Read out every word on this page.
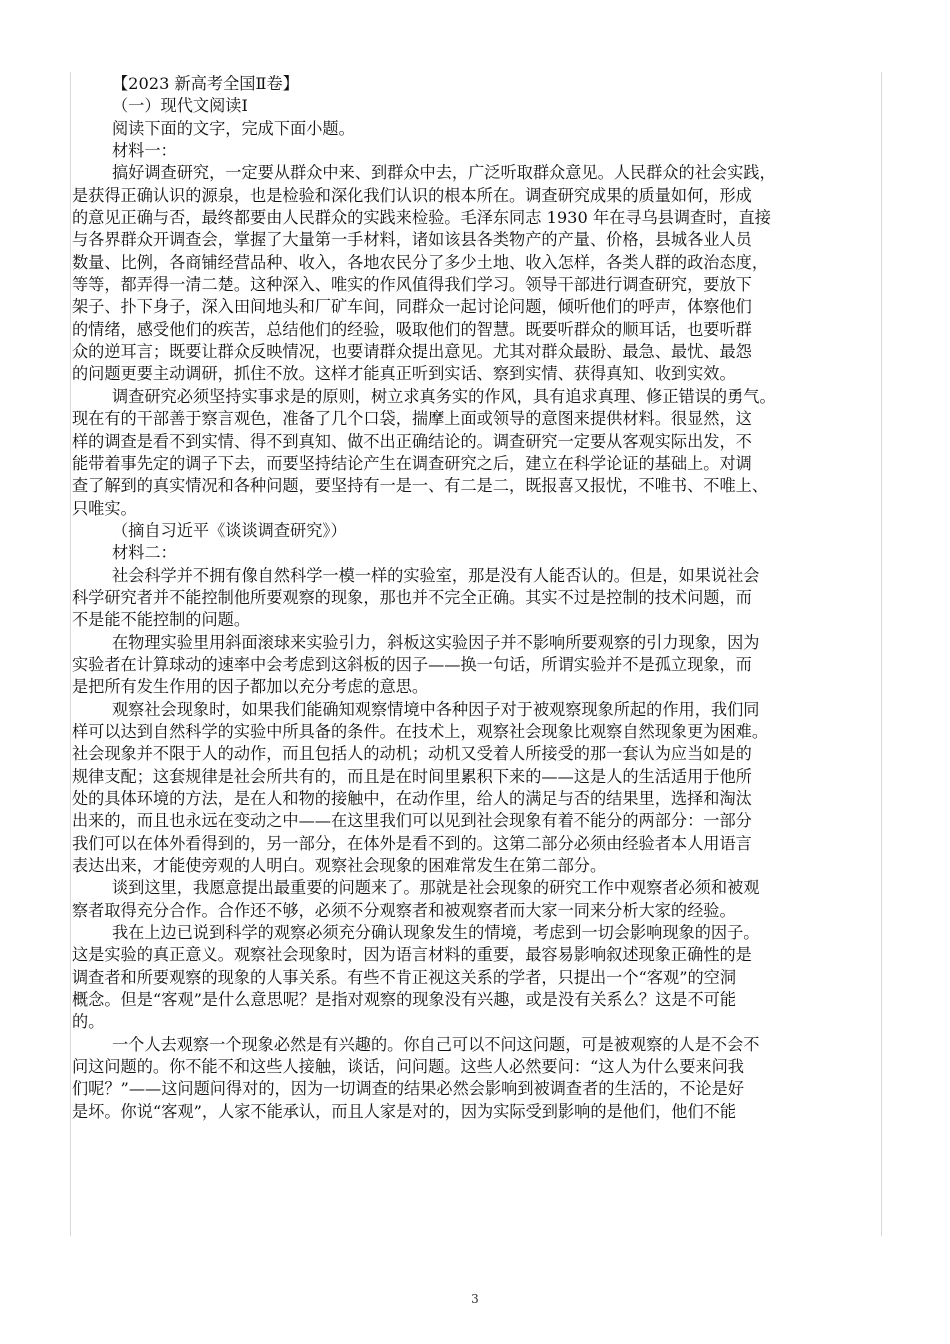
【2023 新高考全国Ⅱ卷】
（一）现代文阅读Ⅰ
阅读下面的文字，完成下面小题。
材料一：
搞好调查研究，一定要从群众中来、到群众中去，广泛听取群众意见。人民群众的社会实践，
是获得正确认识的源泉，也是检验和深化我们认识的根本所在。调查研究成果的质量如何，形成
的意见正确与否，最终都要由人民群众的实践来检验。毛泽东同志 1930 年在寻乌县调查时，直接
与各界群众开调查会，掌握了大量第一手材料，诸如该县各类物产的产量、价格，县城各业人员
数量、比例，各商铺经营品种、收入，各地农民分了多少土地、收入怎样，各类人群的政治态度，
等等，都弄得一清二楚。这种深入、唯实的作风值得我们学习。领导干部进行调查研究，要放下
架子、扑下身子，深入田间地头和厂矿车间，同群众一起讨论问题，倾听他们的呼声，体察他们
的情绪，感受他们的疾苦，总结他们的经验，吸取他们的智慧。既要听群众的顺耳话，也要听群
众的逆耳言；既要让群众反映情况，也要请群众提出意见。尤其对群众最盼、最急、最忧、最怨
的问题更要主动调研，抓住不放。这样才能真正听到实话、察到实情、获得真知、收到实效。
调查研究必须坚持实事求是的原则，树立求真务实的作风，具有追求真理、修正错误的勇气。
现在有的干部善于察言观色，准备了几个口袋，揣摩上面或领导的意图来提供材料。很显然，这
样的调查是看不到实情、得不到真知、做不出正确结论的。调查研究一定要从客观实际出发，不
能带着事先定的调子下去，而要坚持结论产生在调查研究之后，建立在科学论证的基础上。对调
查了解到的真实情况和各种问题，要坚持有一是一、有二是二，既报喜又报忧，不唯书、不唯上、
只唯实。
（摘自习近平《谈谈调查研究》）
材料二：
社会科学并不拥有像自然科学一模一样的实验室，那是没有人能否认的。但是，如果说社会
科学研究者并不能控制他所要观察的现象，那也并不完全正确。其实不过是控制的技术问题，而
不是能不能控制的问题。
在物理实验里用斜面滚球来实验引力，斜板这实验因子并不影响所要观察的引力现象，因为
实验者在计算球动的速率中会考虑到这斜板的因子——换一句话，所谓实验并不是孤立现象，而
是把所有发生作用的因子都加以充分考虑的意思。
观察社会现象时，如果我们能确知观察情境中各种因子对于被观察现象所起的作用，我们同
样可以达到自然科学的实验中所具备的条件。在技术上，观察社会现象比观察自然现象更为困难。
社会现象并不限于人的动作，而且包括人的动机；动机又受着人所接受的那一套认为应当如是的
规律支配；这套规律是社会所共有的，而且是在时间里累积下来的——这是人的生活适用于他所
处的具体环境的方法，是在人和物的接触中，在动作里，给人的满足与否的结果里，选择和淘汰
出来的，而且也永远在变动之中——在这里我们可以见到社会现象有着不能分的两部分：一部分
我们可以在体外看得到的，另一部分，在体外是看不到的。这第二部分必须由经验者本人用语言
表达出来，才能使旁观的人明白。观察社会现象的困难常发生在第二部分。
谈到这里，我愿意提出最重要的问题来了。那就是社会现象的研究工作中观察者必须和被观
察者取得充分合作。合作还不够，必须不分观察者和被观察者而大家一同来分析大家的经验。
我在上边已说到科学的观察必须充分确认现象发生的情境，考虑到一切会影响现象的因子。
这是实验的真正意义。观察社会现象时，因为语言材料的重要，最容易影响叙述现象正确性的是
调查者和所要观察的现象的人事关系。有些不肯正视这关系的学者，只提出一个“客观”的空洞
概念。但是“客观”是什么意思呢？是指对观察的现象没有兴趣，或是没有关系么？这是不可能
的。
一个人去观察一个现象必然是有兴趣的。你自己可以不问这问题，可是被观察的人是不会不
问这问题的。你不能不和这些人接触，谈话，问问题。这些人必然要问：“这人为什么要来问我
们呢？”——这问题问得对的，因为一切调查的结果必然会影响到被调查者的生活的，不论是好
是坏。你说“客观”，人家不能承认，而且人家是对的，因为实际受到影响的是他们，他们不能
3
